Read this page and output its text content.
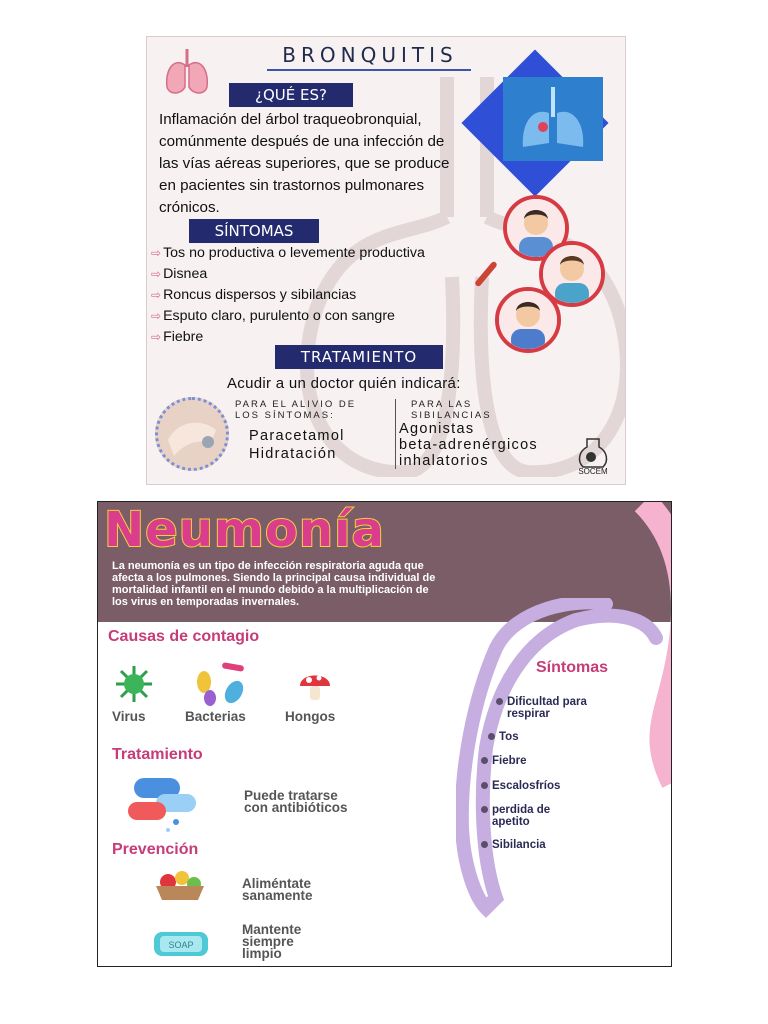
BRONQUITIS
¿QUÉ ES?
Inflamación del árbol traqueobronquial,
comúnmente después de una infección de
las vías aéreas superiores, que se produce
en pacientes sin trastornos pulmonares
crónicos.
SÍNTOMAS
⇨ Tos no productiva o levemente productiva
⇨ Disnea
⇨ Roncus dispersos y sibilancias
⇨ Esputo claro, purulento o con sangre
⇨ Fiebre
TRATAMIENTO
Acudir a un doctor quién indicará:
PARA EL ALIVIO DE
LOS SÍNTOMAS:
Paracetamol
Hidratación
PARA LAS
SIBILANCIAS
Agonistas
beta-adrenérgicos
inhalatorios
SOCEM
Neumonía
La neumonía es un tipo de infección respiratoria aguda que
afecta a los pulmones. Siendo la principal causa individual de
mortalidad infantil en el mundo debido a la multiplicación de
los virus en temporadas invernales.
Causas de contagio
Virus	Bacterias	Hongos
Tratamiento
Puede tratarse
con antibióticos
Prevención
Aliméntate
sanamente
SOAP
Mantente
siempre
limpio
Síntomas
Dificultad para
respirar
Tos
Fiebre
Escalosfríos
perdida de
apetito
Sibilancia
